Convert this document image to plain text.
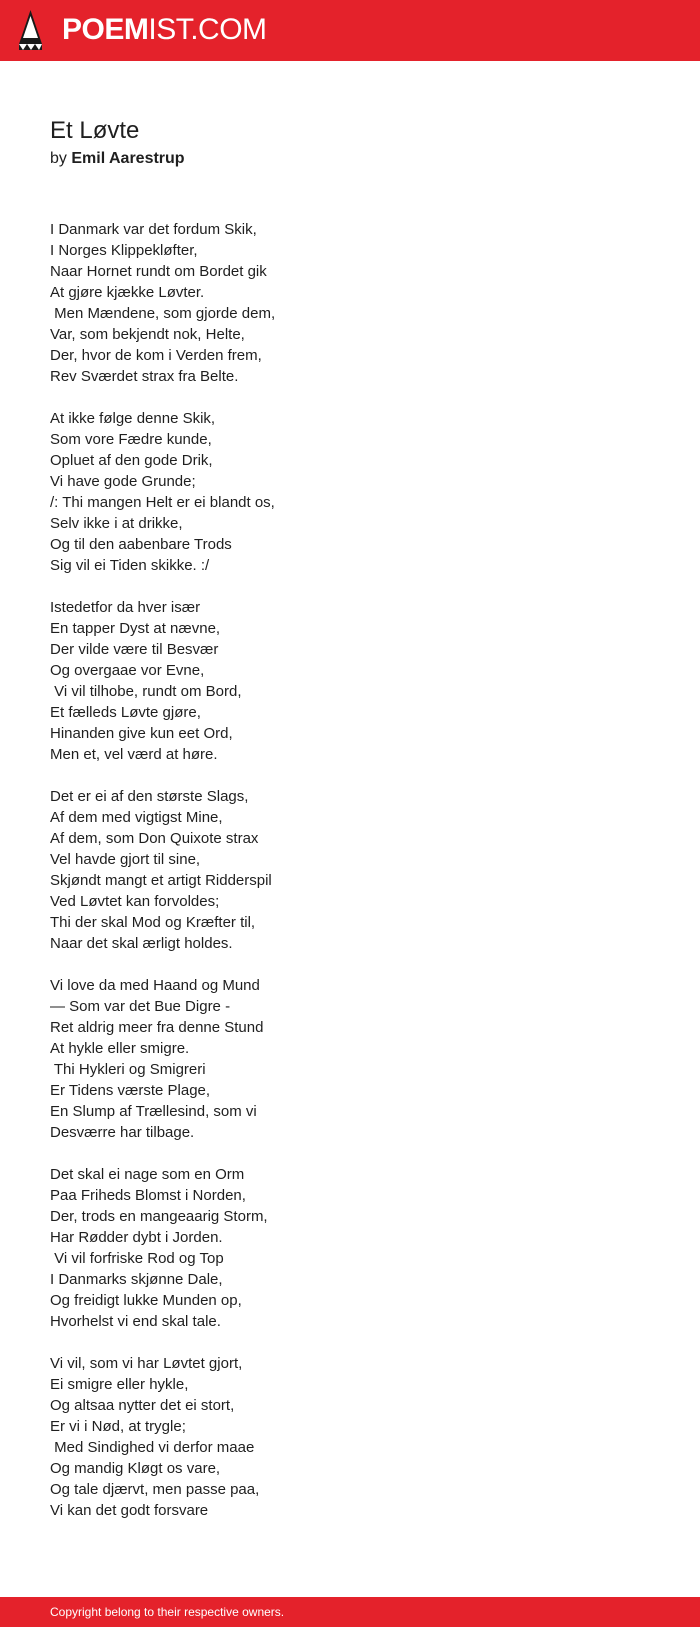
POEM IST.COM
Et Løvte
by Emil Aarestrup
I Danmark var det fordum Skik,
I Norges Klippekløfter,
Naar Hornet rundt om Bordet gik
At gjøre kjække Løvter.
Men Mændene, som gjorde dem,
Var, som bekjendt nok, Helte,
Der, hvor de kom i Verden frem,
Rev Sværdet strax fra Belte.
At ikke følge denne Skik,
Som vore Fædre kunde,
Opluet af den gode Drik,
Vi have gode Grunde;
/: Thi mangen Helt er ei blandt os,
Selv ikke i at drikke,
Og til den aabenbare Trods
Sig vil ei Tiden skikke. :/
Istedetfor da hver især
En tapper Dyst at nævne,
Der vilde være til Besvær
Og overgaae vor Evne,
Vi vil tilhobe, rundt om Bord,
Et fælleds Løvte gjøre,
Hinanden give kun eet Ord,
Men et, vel værd at høre.
Det er ei af den største Slags,
Af dem med vigtigst Mine,
Af dem, som Don Quixote strax
Vel havde gjort til sine,
Skjøndt mangt et artigt Ridderspil
Ved Løvtet kan forvoldes;
Thi der skal Mod og Kræfter til,
Naar det skal ærligt holdes.
Vi love da med Haand og Mund
— Som var det Bue Digre -
Ret aldrig meer fra denne Stund
At hykle eller smigre.
Thi Hykleri og Smigreri
Er Tidens værste Plage,
En Slump af Trællesind, som vi
Desværre har tilbage.
Det skal ei nage som en Orm
Paa Friheds Blomst i Norden,
Der, trods en mangeaarig Storm,
Har Rødder dybt i Jorden.
Vi vil forfriske Rod og Top
I Danmarks skjønne Dale,
Og freidigt lukke Munden op,
Hvorhelst vi end skal tale.
Vi vil, som vi har Løvtet gjort,
Ei smigre eller hykle,
Og altsaa nytter det ei stort,
Er vi i Nød, at trygle;
Med Sindighed vi derfor maae
Og mandig Kløgt os vare,
Og tale djærvt, men passe paa,
Vi kan det godt forsvare
Copyright belong to their respective owners.
